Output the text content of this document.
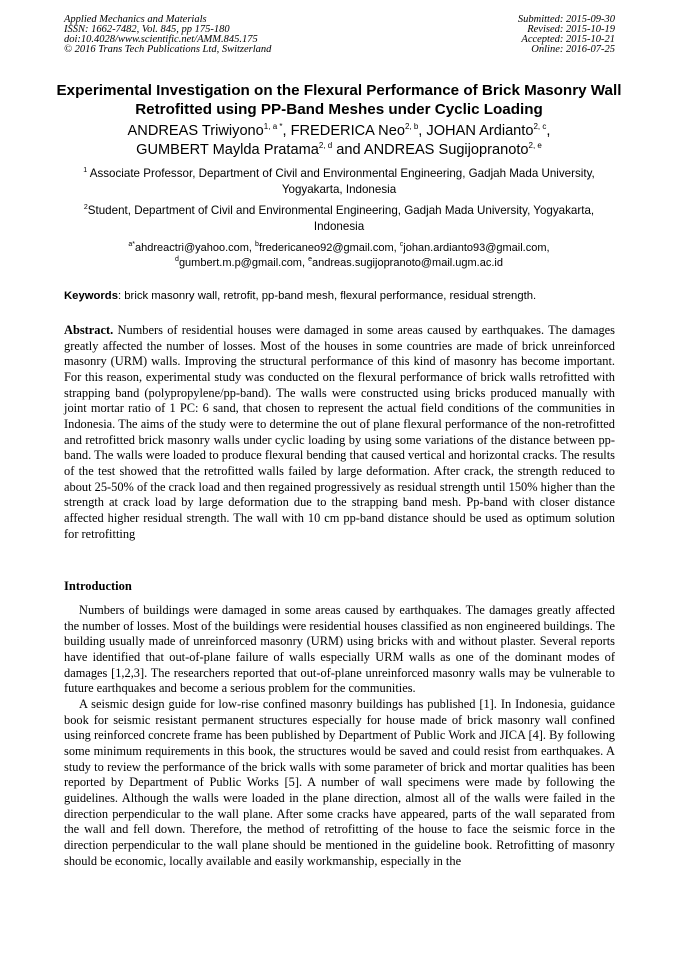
Applied Mechanics and Materials
ISSN: 1662-7482, Vol. 845, pp 175-180
doi:10.4028/www.scientific.net/AMM.845.175
© 2016 Trans Tech Publications Ltd, Switzerland
Submitted: 2015-09-30
Revised: 2015-10-19
Accepted: 2015-10-21
Online: 2016-07-25
Experimental Investigation on the Flexural Performance of Brick Masonry Wall Retrofitted using PP-Band Meshes under Cyclic Loading
ANDREAS Triwiyono$^{1, a *}$, FREDERICA Neo$^{2, b}$, JOHAN Ardianto$^{2, c}$,
GUMBERT Maylda Pratama$^{2, d}$ and ANDREAS Sugijopranoto$^{2, e}$
$^1$ Associate Professor, Department of Civil and Environmental Engineering, Gadjah Mada University, Yogyakarta, Indonesia
$^2$Student, Department of Civil and Environmental Engineering, Gadjah Mada University, Yogyakarta, Indonesia
$^{a*}$ahdreactri@yahoo.com, $^b$fredericaneo92@gmail.com, $^c$johan.ardianto93@gmail.com,
$^d$gumbert.m.p@gmail.com, $^e$andreas.sugijopranoto@mail.ugm.ac.id
Keywords: brick masonry wall, retrofit, pp-band mesh, flexural performance, residual strength.
Abstract. Numbers of residential houses were damaged in some areas caused by earthquakes. The damages greatly affected the number of losses. Most of the houses in some countries are made of brick unreinforced masonry (URM) walls. Improving the structural performance of this kind of masonry has become important. For this reason, experimental study was conducted on the flexural performance of brick walls retrofitted with strapping band (polypropylene/pp-band). The walls were constructed using bricks produced manually with joint mortar ratio of 1 PC: 6 sand, that chosen to represent the actual field conditions of the communities in Indonesia. The aims of the study were to determine the out of plane flexural performance of the non-retrofitted and retrofitted brick masonry walls under cyclic loading by using some variations of the distance between pp-band. The walls were loaded to produce flexural bending that caused vertical and horizontal cracks. The results of the test showed that the retrofitted walls failed by large deformation. After crack, the strength reduced to about 25-50% of the crack load and then regained progressively as residual strength until 150% higher than the strength at crack load by large deformation due to the strapping band mesh. Pp-band with closer distance affected higher residual strength. The wall with 10 cm pp-band distance should be used as optimum solution for retrofitting
Introduction

Numbers of buildings were damaged in some areas caused by earthquakes. The damages greatly affected the number of losses. Most of the buildings were residential houses classified as non engineered buildings. The building usually made of unreinforced masonry (URM) using bricks with and without plaster. Several reports have identified that out-of-plane failure of walls especially URM walls as one of the dominant modes of damages [1,2,3]. The researchers reported that out-of-plane unreinforced masonry walls may be vulnerable to future earthquakes and become a serious problem for the communities.

A seismic design guide for low-rise confined masonry buildings has published [1]. In Indonesia, guidance book for seismic resistant permanent structures especially for house made of brick masonry wall confined using reinforced concrete frame has been published by Department of Public Work and JICA [4]. By following some minimum requirements in this book, the structures would be saved and could resist from earthquakes. A study to review the performance of the brick walls with some parameter of brick and mortar qualities has been reported by Department of Public Works [5]. A number of wall specimens were made by following the guidelines. Although the walls were loaded in the plane direction, almost all of the walls were failed in the direction perpendicular to the wall plane. After some cracks have appeared, parts of the wall separated from the wall and fell down. Therefore, the method of retrofitting of the house to face the seismic force in the direction perpendicular to the wall plane should be mentioned in the guideline book. Retrofitting of masonry should be economic, locally available and easily workmanship, especially in the
